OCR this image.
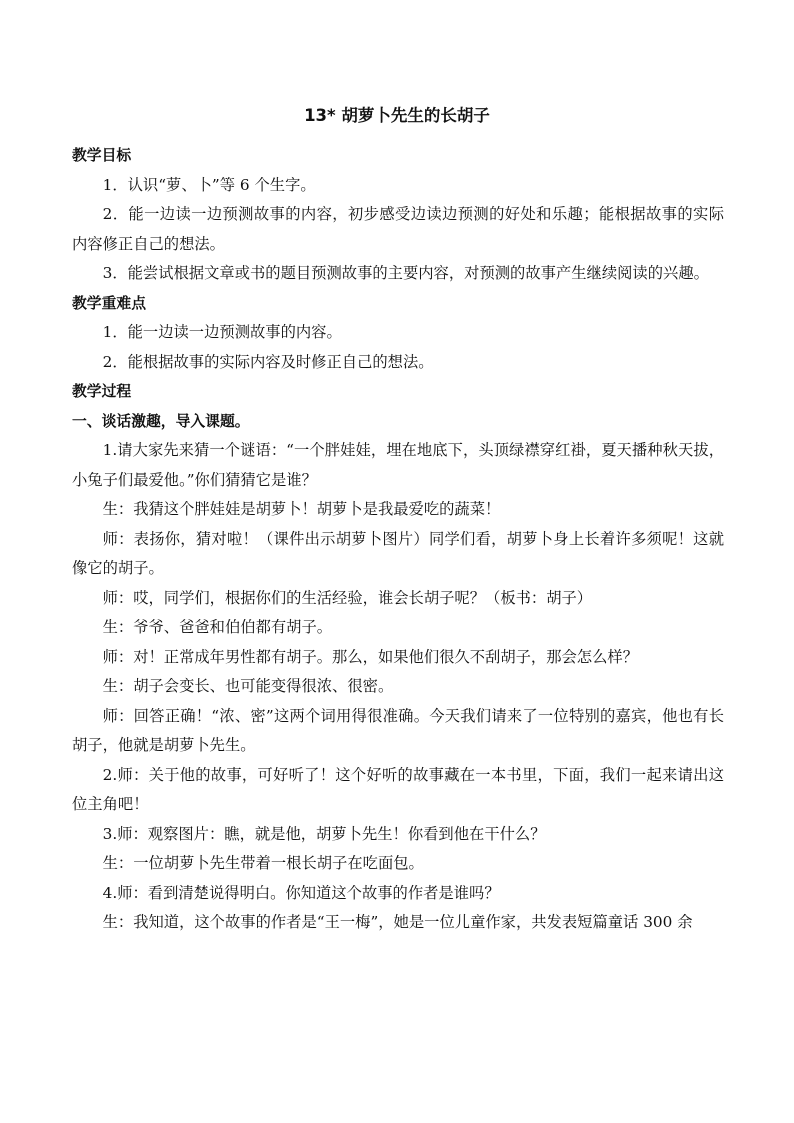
13* 胡萝卜先生的长胡子

教学目标

1．认识“萝、卜”等 6 个生字。

2．能一边读一边预测故事的内容，初步感受边读边预测的好处和乐趣；能根据故事的实际内容修正自己的想法。

3．能尝试根据文章或书的题目预测故事的主要内容，对预测的故事产生继续阅读的兴趣。

教学重难点

1．能一边读一边预测故事的内容。

2．能根据故事的实际内容及时修正自己的想法。

教学过程

一、谈话激趣，导入课题。

1.请大家先来猜一个谜语：“一个胖娃娃，埋在地底下，头顶绿襟穿红褂，夏天播种秋天拔，小兔子们最爱他。”你们猜猜它是谁？

生：我猜这个胖娃娃是胡萝卜！胡萝卜是我最爱吃的蔬菜！

师：表扬你，猜对啦！（课件出示胡萝卜图片）同学们看，胡萝卜身上长着许多须呢！这就像它的胡子。

师：哎，同学们，根据你们的生活经验，谁会长胡子呢？（板书：胡子）

生：爷爷、爸爸和伯伯都有胡子。

师：对！正常成年男性都有胡子。那么，如果他们很久不刮胡子，那会怎么样？

生：胡子会变长、也可能变得很浓、很密。

师：回答正确！“浓、密”这两个词用得很准确。今天我们请来了一位特别的嘉宾，他也有长胡子，他就是胡萝卜先生。

2.师：关于他的故事，可好听了！这个好听的故事藏在一本书里，下面，我们一起来请出这位主角吧！

3.师：观察图片：瞧，就是他，胡萝卜先生！你看到他在干什么？

生：一位胡萝卜先生带着一根长胡子在吃面包。

4.师：看到清楚说得明白。你知道这个故事的作者是谁吗？

生：我知道，这个故事的作者是“王一梅”，她是一位儿童作家，共发表短篇童话 300 余
